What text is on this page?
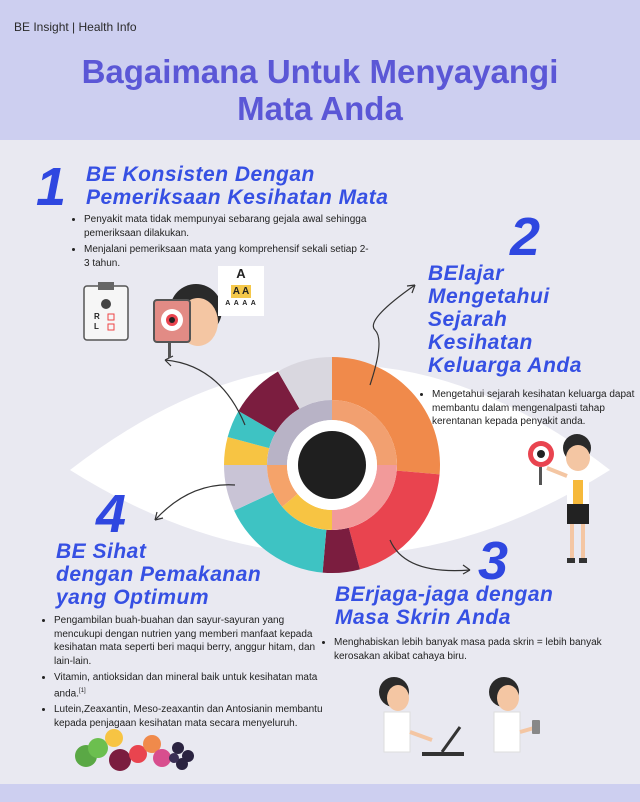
BE Insight | Health Info
Bagaimana Untuk Menyayangi
Mata Anda
1 BE Konsisten Dengan
Pemeriksaan Kesihatan Mata
• Penyakit mata tidak mempunyai sebarang gejala awal sehingga pemeriksaan dilakukan.
• Menjalani pemeriksaan mata yang komprehensif sekali setiap 2-3 tahun.
R
L
A
A A
A A A A
2
BElajar
Mengetahui
Sejarah
Kesihatan
Keluarga Anda
• Mengetahui sejarah kesihatan keluarga dapat membantu dalam mengenalpasti tahap kerentanan kepada penyakit anda.
3
BErjaga-jaga dengan
Masa Skrin Anda
• Menghabiskan lebih banyak masa pada skrin = lebih banyak kerosakan akibat cahaya biru.
4
BE Sihat
dengan Pemakanan
yang Optimum
• Pengambilan buah-buahan dan sayur-sayuran yang mencukupi dengan nutrien yang memberi manfaat kepada kesihatan mata seperti beri maqui berry, anggur hitam, dan lain-lain.
• Vitamin, antioksidan dan mineral baik untuk kesihatan mata anda.[1]
• Lutein,Zeaxantin, Meso-zeaxantin dan Antosianin membantu kepada penjagaan kesihatan mata secara menyeluruh.
